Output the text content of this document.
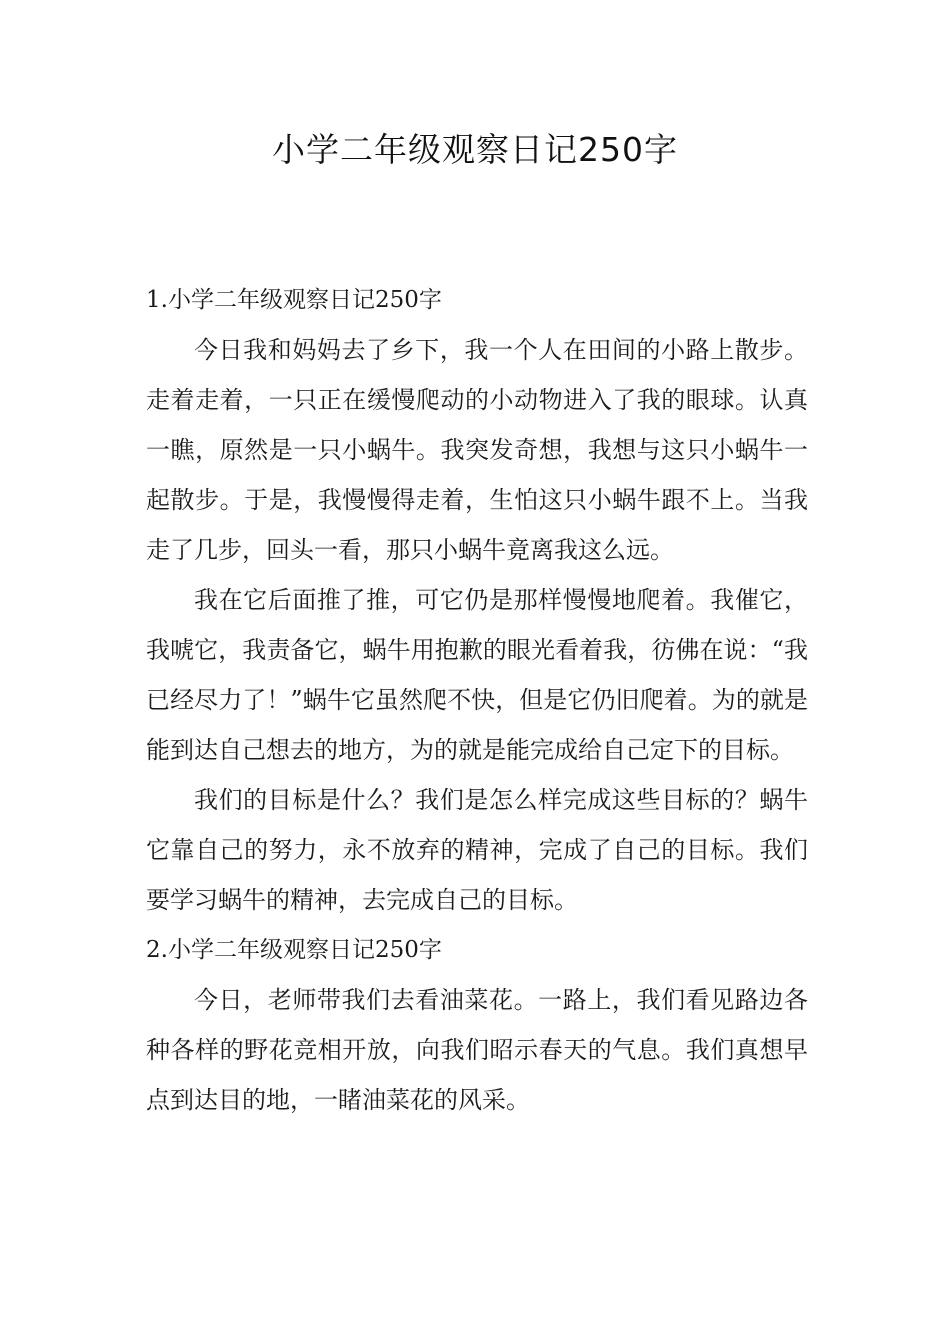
小学二年级观察日记250字

1.小学二年级观察日记250字

今日我和妈妈去了乡下，我一个人在田间的小路上散步。走着走着，一只正在缓慢爬动的小动物进入了我的眼球。认真一瞧，原然是一只小蜗牛。我突发奇想，我想与这只小蜗牛一起散步。于是，我慢慢得走着，生怕这只小蜗牛跟不上。当我走了几步，回头一看，那只小蜗牛竟离我这么远。

我在它后面推了推，可它仍是那样慢慢地爬着。我催它，我唬它，我责备它，蜗牛用抱歉的眼光看着我，彷佛在说：“我已经尽力了！”蜗牛它虽然爬不快，但是它仍旧爬着。为的就是能到达自己想去的地方，为的就是能完成给自己定下的目标。

我们的目标是什么？我们是怎么样完成这些目标的？蜗牛它靠自己的努力，永不放弃的精神，完成了自己的目标。我们要学习蜗牛的精神，去完成自己的目标。

2.小学二年级观察日记250字

今日，老师带我们去看油菜花。一路上，我们看见路边各种各样的野花竞相开放，向我们昭示春天的气息。我们真想早点到达目的地，一睹油菜花的风采。
